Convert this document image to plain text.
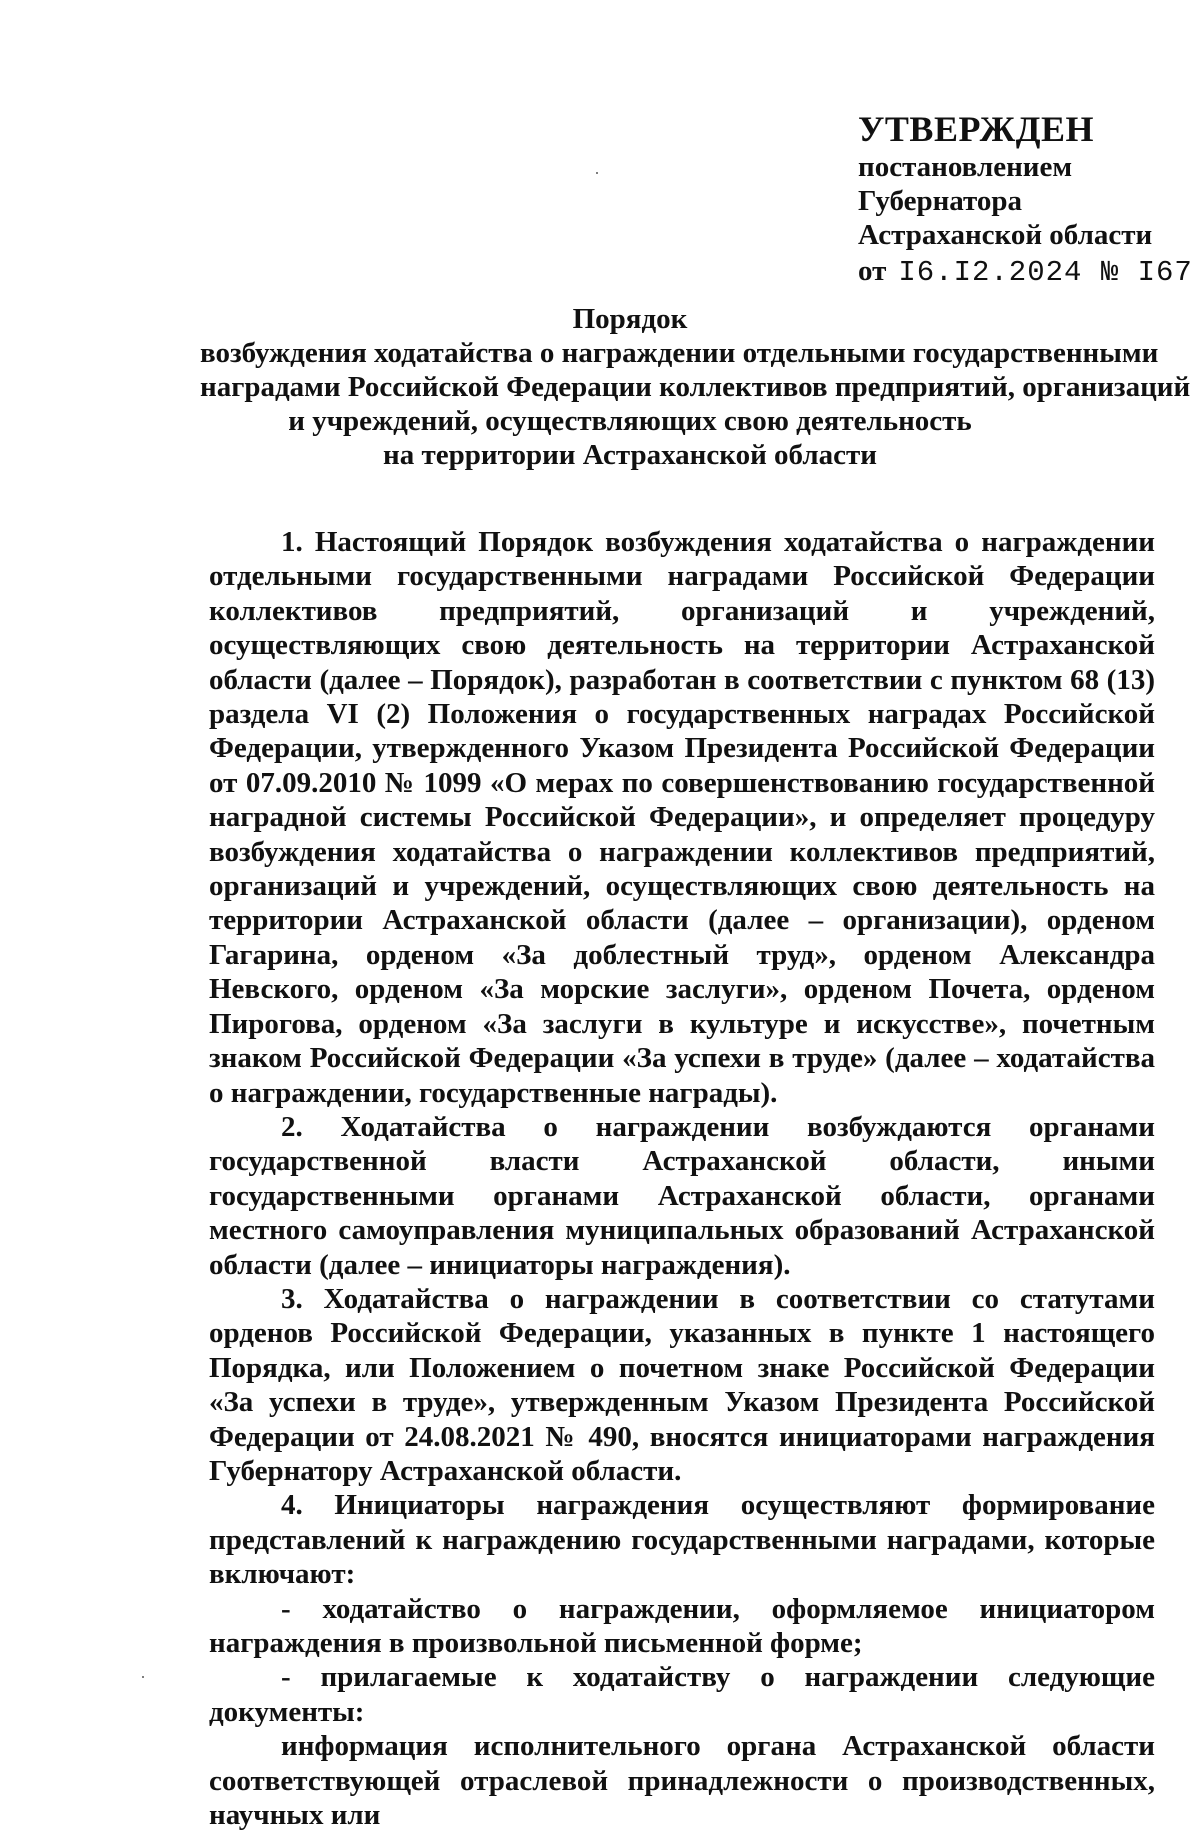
УТВЕРЖДЕН
постановлением
Губернатора
Астраханской области
от I6.I2.2024 № I67
Порядок
возбуждения ходатайства о награждении отдельными государственными
наградами Российской Федерации коллективов предприятий, организаций
и учреждений, осуществляющих свою деятельность
на территории Астраханской области

1. Настоящий Порядок возбуждения ходатайства о награждении отдельными государственными наградами Российской Федерации коллективов предприятий, организаций и учреждений, осуществляющих свою деятельность на территории Астраханской области (далее – Порядок), разработан в соответствии с пунктом 68 (13) раздела VI (2) Положения о государственных наградах Российской Федерации, утвержденного Указом Президента Российской Федерации от 07.09.2010 № 1099 «О мерах по совершенствованию государственной наградной системы Российской Федерации», и определяет процедуру возбуждения ходатайства о награждении коллективов предприятий, организаций и учреждений, осуществляющих свою деятельность на территории Астраханской области (далее – организации), орденом Гагарина, орденом «За доблестный труд», орденом Александра Невского, орденом «За морские заслуги», орденом Почета, орденом Пирогова, орденом «За заслуги в культуре и искусстве», почетным знаком Российской Федерации «За успехи в труде» (далее – ходатайства о награждении, государственные награды).

2. Ходатайства о награждении возбуждаются органами государственной власти Астраханской области, иными государственными органами Астраханской области, органами местного самоуправления муниципальных образований Астраханской области (далее – инициаторы награждения).

3. Ходатайства о награждении в соответствии со статутами орденов Российской Федерации, указанных в пункте 1 настоящего Порядка, или Положением о почетном знаке Российской Федерации «За успехи в труде», утвержденным Указом Президента Российской Федерации от 24.08.2021 № 490, вносятся инициаторами награждения Губернатору Астраханской области.

4. Инициаторы награждения осуществляют формирование представлений к награждению государственными наградами, которые включают:

- ходатайство о награждении, оформляемое инициатором награждения в произвольной письменной форме;

- прилагаемые к ходатайству о награждении следующие документы:

информация исполнительного органа Астраханской области соответствующей отраслевой принадлежности о производственных, научных или
